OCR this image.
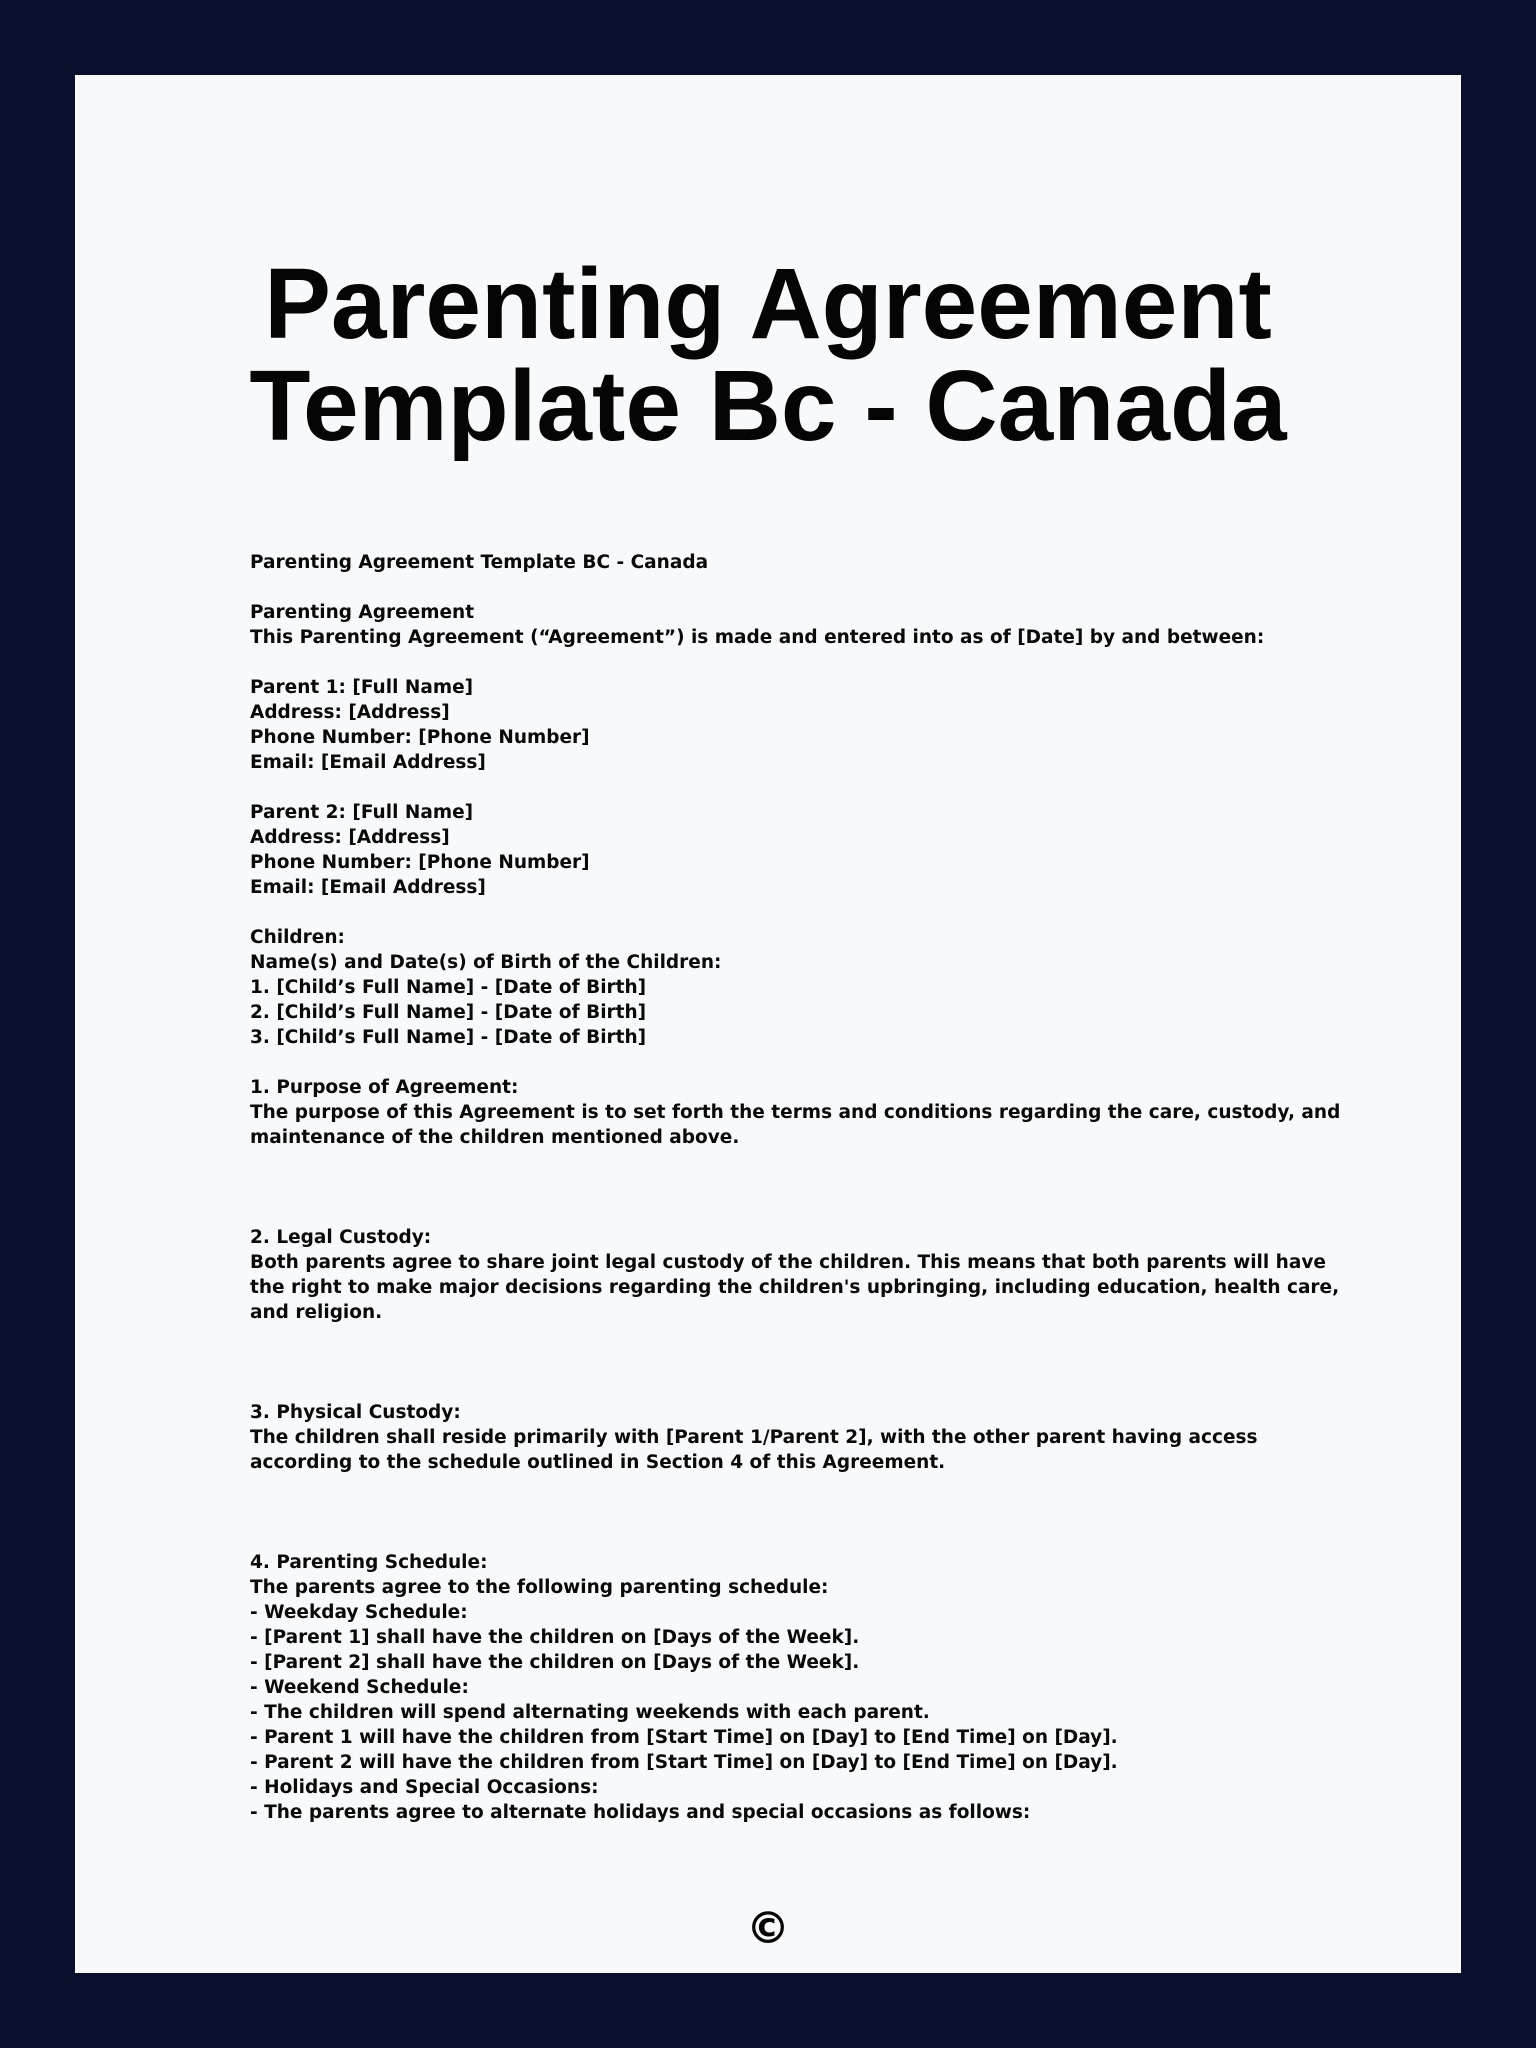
Parenting Agreement
Template Bc - Canada
Parenting Agreement Template BC - Canada
Parenting Agreement
This Parenting Agreement (“Agreement”) is made and entered into as of [Date] by and between:
Parent 1: [Full Name]
Address: [Address]
Phone Number: [Phone Number]
Email: [Email Address]
Parent 2: [Full Name]
Address: [Address]
Phone Number: [Phone Number]
Email: [Email Address]
Children:
Name(s) and Date(s) of Birth of the Children:
1. [Child’s Full Name] - [Date of Birth]
2. [Child’s Full Name] - [Date of Birth]
3. [Child’s Full Name] - [Date of Birth]
1. Purpose of Agreement:
The purpose of this Agreement is to set forth the terms and conditions regarding the care, custody, and maintenance of the children mentioned above.
2. Legal Custody:
Both parents agree to share joint legal custody of the children. This means that both parents will have the right to make major decisions regarding the children's upbringing, including education, health care, and religion.
3. Physical Custody:
The children shall reside primarily with [Parent 1/Parent 2], with the other parent having access according to the schedule outlined in Section 4 of this Agreement.
4. Parenting Schedule:
The parents agree to the following parenting schedule:
- Weekday Schedule:
- [Parent 1] shall have the children on [Days of the Week].
- [Parent 2] shall have the children on [Days of the Week].
- Weekend Schedule:
- The children will spend alternating weekends with each parent.
- Parent 1 will have the children from [Start Time] on [Day] to [End Time] on [Day].
- Parent 2 will have the children from [Start Time] on [Day] to [End Time] on [Day].
- Holidays and Special Occasions:
- The parents agree to alternate holidays and special occasions as follows:
©
